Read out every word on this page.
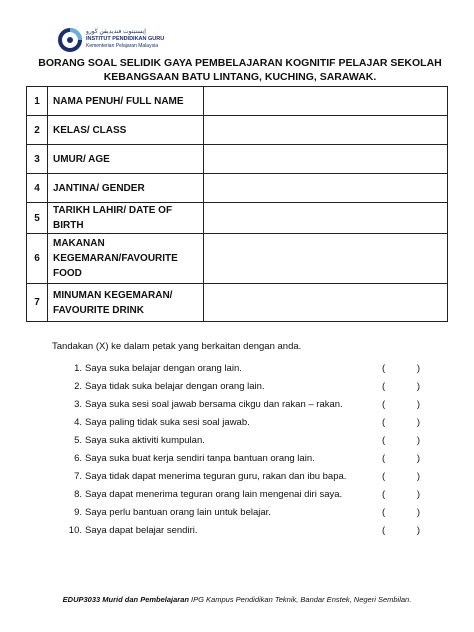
إيستيتوت فنديديقن ڬورو
INSTITUT PENDIDIKAN GURU
Kementerian Pelajaran Malaysia
BORANG SOAL SELIDIK GAYA PEMBELAJARAN KOGNITIF PELAJAR SEKOLAH
KEBANGSAAN BATU LINTANG, KUCHING, SARAWAK.
1	NAMA PENUH/ FULL NAME	
2	KELAS/ CLASS	
3	UMUR/ AGE	
4	JANTINA/ GENDER	
5	TARIKH LAHIR/ DATE OF BIRTH	
6	MAKANAN KEGEMARAN/FAVOURITE FOOD	
7	MINUMAN KEGEMARAN/ FAVOURITE DRINK	
Tandakan (X) ke dalam petak yang berkaitan dengan anda.
1. Saya suka belajar dengan orang lain.	(	)
2. Saya tidak suka belajar dengan orang lain.	(	)
3. Saya suka sesi soal jawab bersama cikgu dan rakan – rakan.	(	)
4. Saya paling tidak suka sesi soal jawab.	(	)
5. Saya suka aktiviti kumpulan.	(	)
6. Saya suka buat kerja sendiri tanpa bantuan orang lain.	(	)
7. Saya tidak dapat menerima teguran guru, rakan dan ibu bapa.	(	)
8. Saya dapat menerima teguran orang lain mengenai diri saya.	(	)
9. Saya perlu bantuan orang lain untuk belajar.	(	)
10. Saya dapat belajar sendiri.	(	)
EDUP3033 Murid dan Pembelajaran IPG Kampus Pendidikan Teknik, Bandar Enstek, Negeri Sembilan.
